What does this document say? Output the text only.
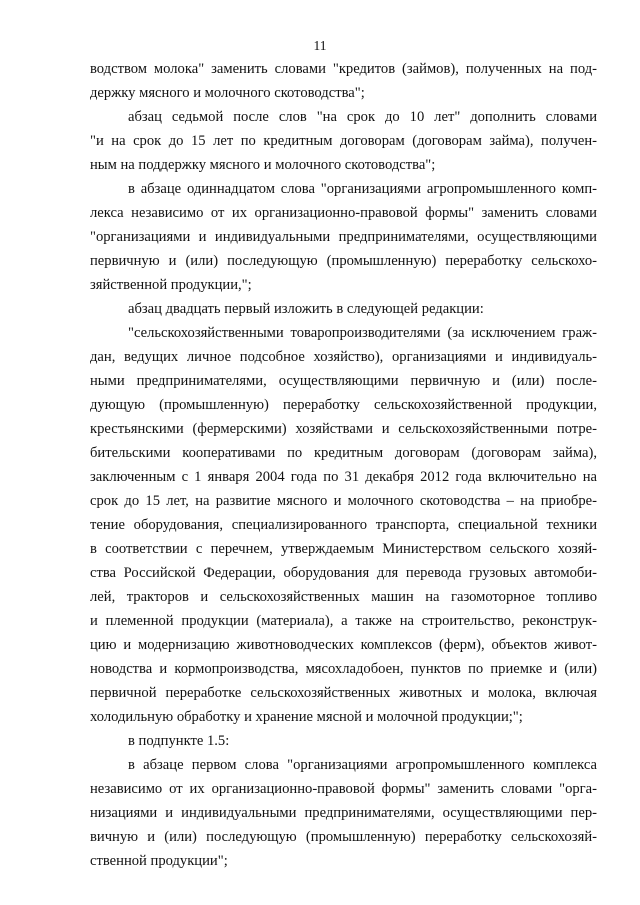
11
водством молока" заменить словами "кредитов (займов), полученных на под-
держку мясного и молочного скотоводства";
абзац седьмой после слов "на срок до 10 лет" дополнить словами
"и на срок до 15 лет по кредитным договорам (договорам займа), получен-
ным на поддержку мясного и молочного скотоводства";
в абзаце одиннадцатом слова "организациями агропромышленного комп-
лекса независимо от их организационно-правовой формы" заменить словами
"организациями и индивидуальными предпринимателями, осуществляющими
первичную и (или) последующую (промышленную) переработку сельскохо-
зяйственной продукции,";
абзац двадцать первый изложить в следующей редакции:
"сельскохозяйственными товаропроизводителями (за исключением граж-
дан, ведущих личное подсобное хозяйство), организациями и индивидуаль-
ными предпринимателями, осуществляющими первичную и (или) после-
дующую (промышленную) переработку сельскохозяйственной продукции,
крестьянскими (фермерскими) хозяйствами и сельскохозяйственными потре-
бительскими кооперативами по кредитным договорам (договорам займа),
заключенным с 1 января 2004 года по 31 декабря 2012 года включительно на
срок до 15 лет, на развитие мясного и молочного скотоводства – на приобре-
тение оборудования, специализированного транспорта, специальной техники
в соответствии с перечнем, утверждаемым Министерством сельского хозяй-
ства Российской Федерации, оборудования для перевода грузовых автомоби-
лей, тракторов и сельскохозяйственных машин на газомоторное топливо
и племенной продукции (материала), а также на строительство, реконструк-
цию и модернизацию животноводческих комплексов (ферм), объектов живот-
новодства и кормопроизводства, мясохладобоен, пунктов по приемке и (или)
первичной переработке сельскохозяйственных животных и молока, включая
холодильную обработку и хранение мясной и молочной продукции;";
в подпункте 1.5:
в абзаце первом слова "организациями агропромышленного комплекса
независимо от их организационно-правовой формы" заменить словами "орга-
низациями и индивидуальными предпринимателями, осуществляющими пер-
вичную и (или) последующую (промышленную) переработку сельскохозяй-
ственной продукции";
